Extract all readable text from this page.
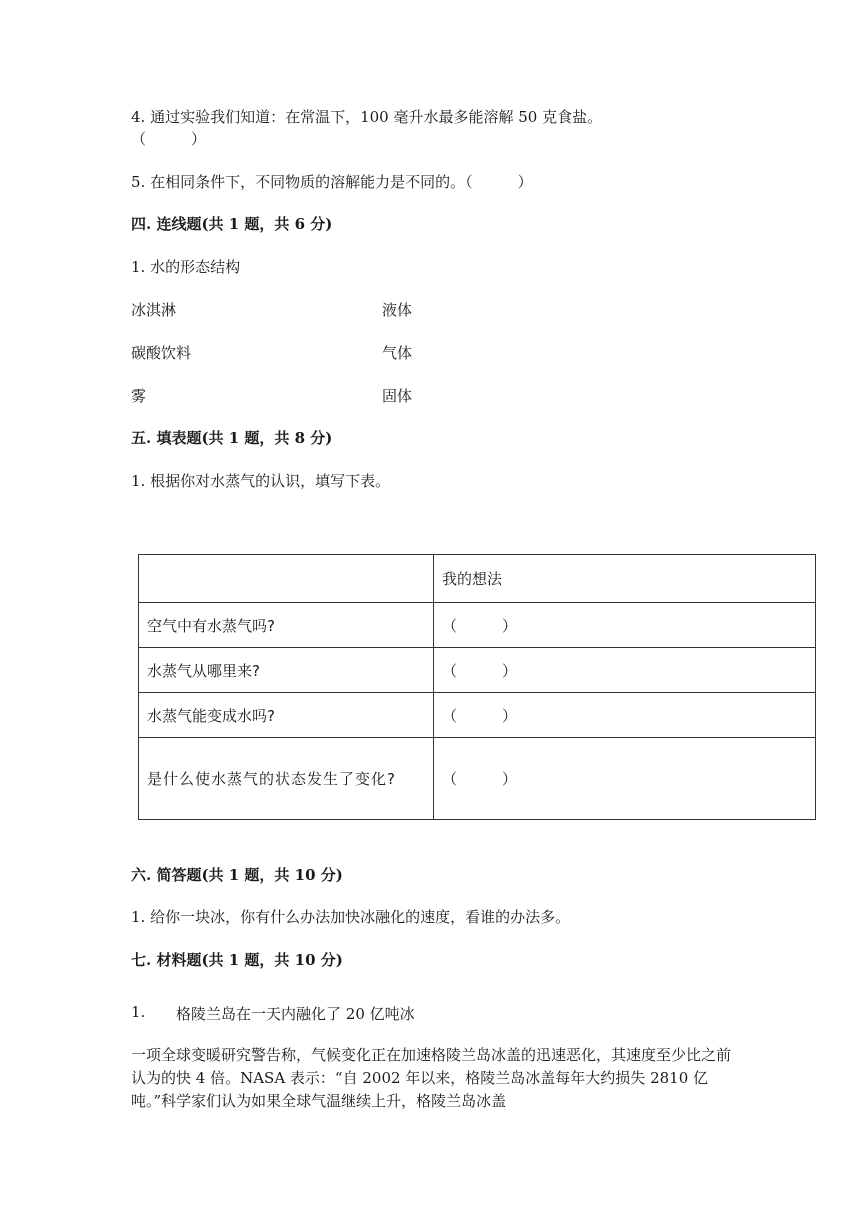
4. 通过实验我们知道：在常温下，100 毫升水最多能溶解 50 克食盐。
（　　　）
5. 在相同条件下，不同物质的溶解能力是不同的。（　　　）
四. 连线题(共 1 题，共 6 分)
1. 水的形态结构
冰淇淋	液体
碳酸饮料	气体
雾	固体
五. 填表题(共 1 题，共 8 分)
1. 根据你对水蒸气的认识，填写下表。
	我的想法
空气中有水蒸气吗?	（　　　）
水蒸气从哪里来?	（　　　）
水蒸气能变成水吗?	（　　　）
是什么使水蒸气的状态发生了变化?	（　　　）
六. 简答题(共 1 题，共 10 分)
1. 给你一块冰，你有什么办法加快冰融化的速度，看谁的办法多。
七. 材料题(共 1 题，共 10 分)
1. 格陵兰岛在一天内融化了 20 亿吨冰
一项全球变暖研究警告称，气候变化正在加速格陵兰岛冰盖的迅速恶化，其速度至少比之前认为的快 4 倍。NASA 表示：“自 2002 年以来，格陵兰岛冰盖每年大约损失 2810 亿吨。”科学家们认为如果全球气温继续上升，格陵兰岛冰盖
